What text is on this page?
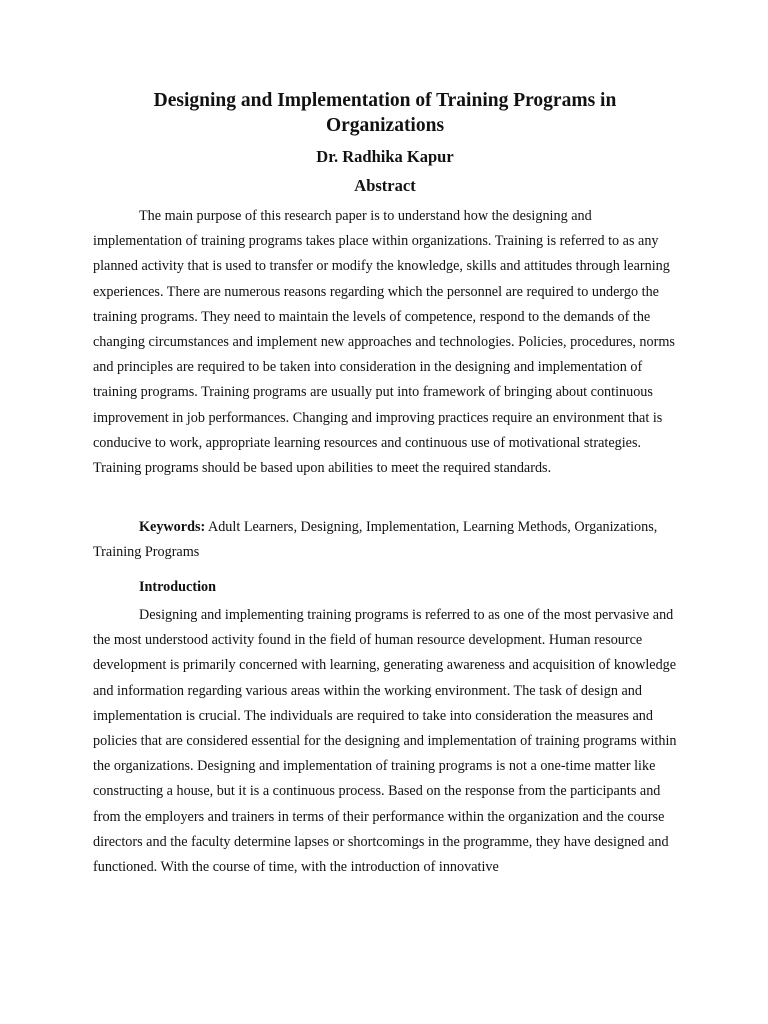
Designing and Implementation of Training Programs in Organizations
Dr. Radhika Kapur
Abstract

The main purpose of this research paper is to understand how the designing and implementation of training programs takes place within organizations. Training is referred to as any planned activity that is used to transfer or modify the knowledge, skills and attitudes through learning experiences. There are numerous reasons regarding which the personnel are required to undergo the training programs. They need to maintain the levels of competence, respond to the demands of the changing circumstances and implement new approaches and technologies. Policies, procedures, norms and principles are required to be taken into consideration in the designing and implementation of training programs. Training programs are usually put into framework of bringing about continuous improvement in job performances. Changing and improving practices require an environment that is conducive to work, appropriate learning resources and continuous use of motivational strategies. Training programs should be based upon abilities to meet the required standards.

Keywords: Adult Learners, Designing, Implementation, Learning Methods, Organizations, Training Programs

Introduction

Designing and implementing training programs is referred to as one of the most pervasive and the most understood activity found in the field of human resource development. Human resource development is primarily concerned with learning, generating awareness and acquisition of knowledge and information regarding various areas within the working environment. The task of design and implementation is crucial. The individuals are required to take into consideration the measures and policies that are considered essential for the designing and implementation of training programs within the organizations. Designing and implementation of training programs is not a one-time matter like constructing a house, but it is a continuous process. Based on the response from the participants and from the employers and trainers in terms of their performance within the organization and the course directors and the faculty determine lapses or shortcomings in the programme, they have designed and functioned. With the course of time, with the introduction of innovative
